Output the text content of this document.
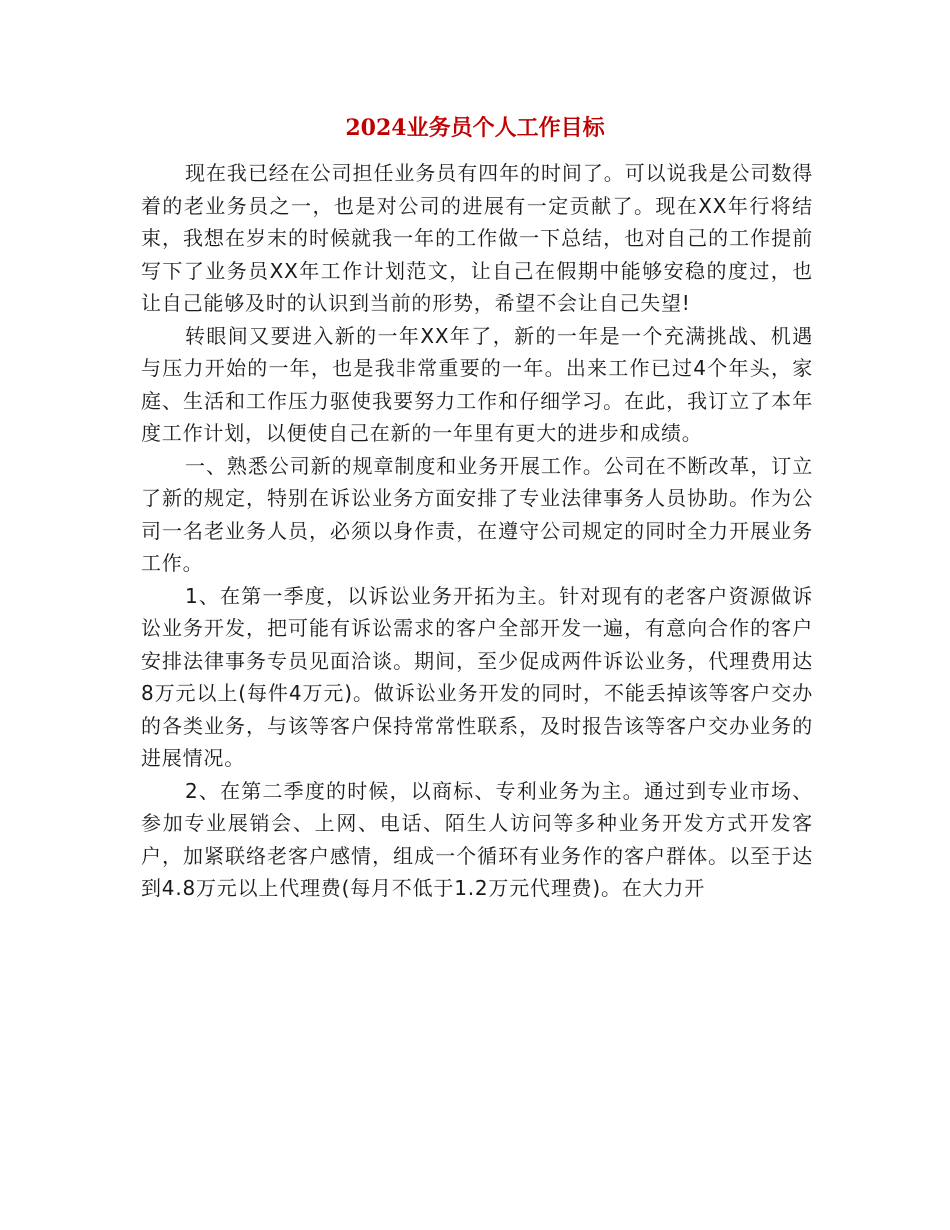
2024业务员个人工作目标

现在我已经在公司担任业务员有四年的时间了。可以说我是公司数得着的老业务员之一，也是对公司的进展有一定贡献了。现在XX年行将结束，我想在岁末的时候就我一年的工作做一下总结，也对自己的工作提前写下了业务员XX年工作计划范文，让自己在假期中能够安稳的度过，也让自己能够及时的认识到当前的形势，希望不会让自己失望!

转眼间又要进入新的一年XX年了，新的一年是一个充满挑战、机遇与压力开始的一年，也是我非常重要的一年。出来工作已过4个年头，家庭、生活和工作压力驱使我要努力工作和仔细学习。在此，我订立了本年度工作计划，以便使自己在新的一年里有更大的进步和成绩。

一、熟悉公司新的规章制度和业务开展工作。公司在不断改革，订立了新的规定，特别在诉讼业务方面安排了专业法律事务人员协助。作为公司一名老业务人员，必须以身作责，在遵守公司规定的同时全力开展业务工作。

1、在第一季度，以诉讼业务开拓为主。针对现有的老客户资源做诉讼业务开发，把可能有诉讼需求的客户全部开发一遍，有意向合作的客户安排法律事务专员见面洽谈。期间，至少促成两件诉讼业务，代理费用达8万元以上(每件4万元)。做诉讼业务开发的同时，不能丢掉该等客户交办的各类业务，与该等客户保持常常性联系，及时报告该等客户交办业务的进展情况。

2、在第二季度的时候，以商标、专利业务为主。通过到专业市场、参加专业展销会、上网、电话、陌生人访问等多种业务开发方式开发客户，加紧联络老客户感情，组成一个循环有业务作的客户群体。以至于达到4.8万元以上代理费(每月不低于1.2万元代理费)。在大力开
